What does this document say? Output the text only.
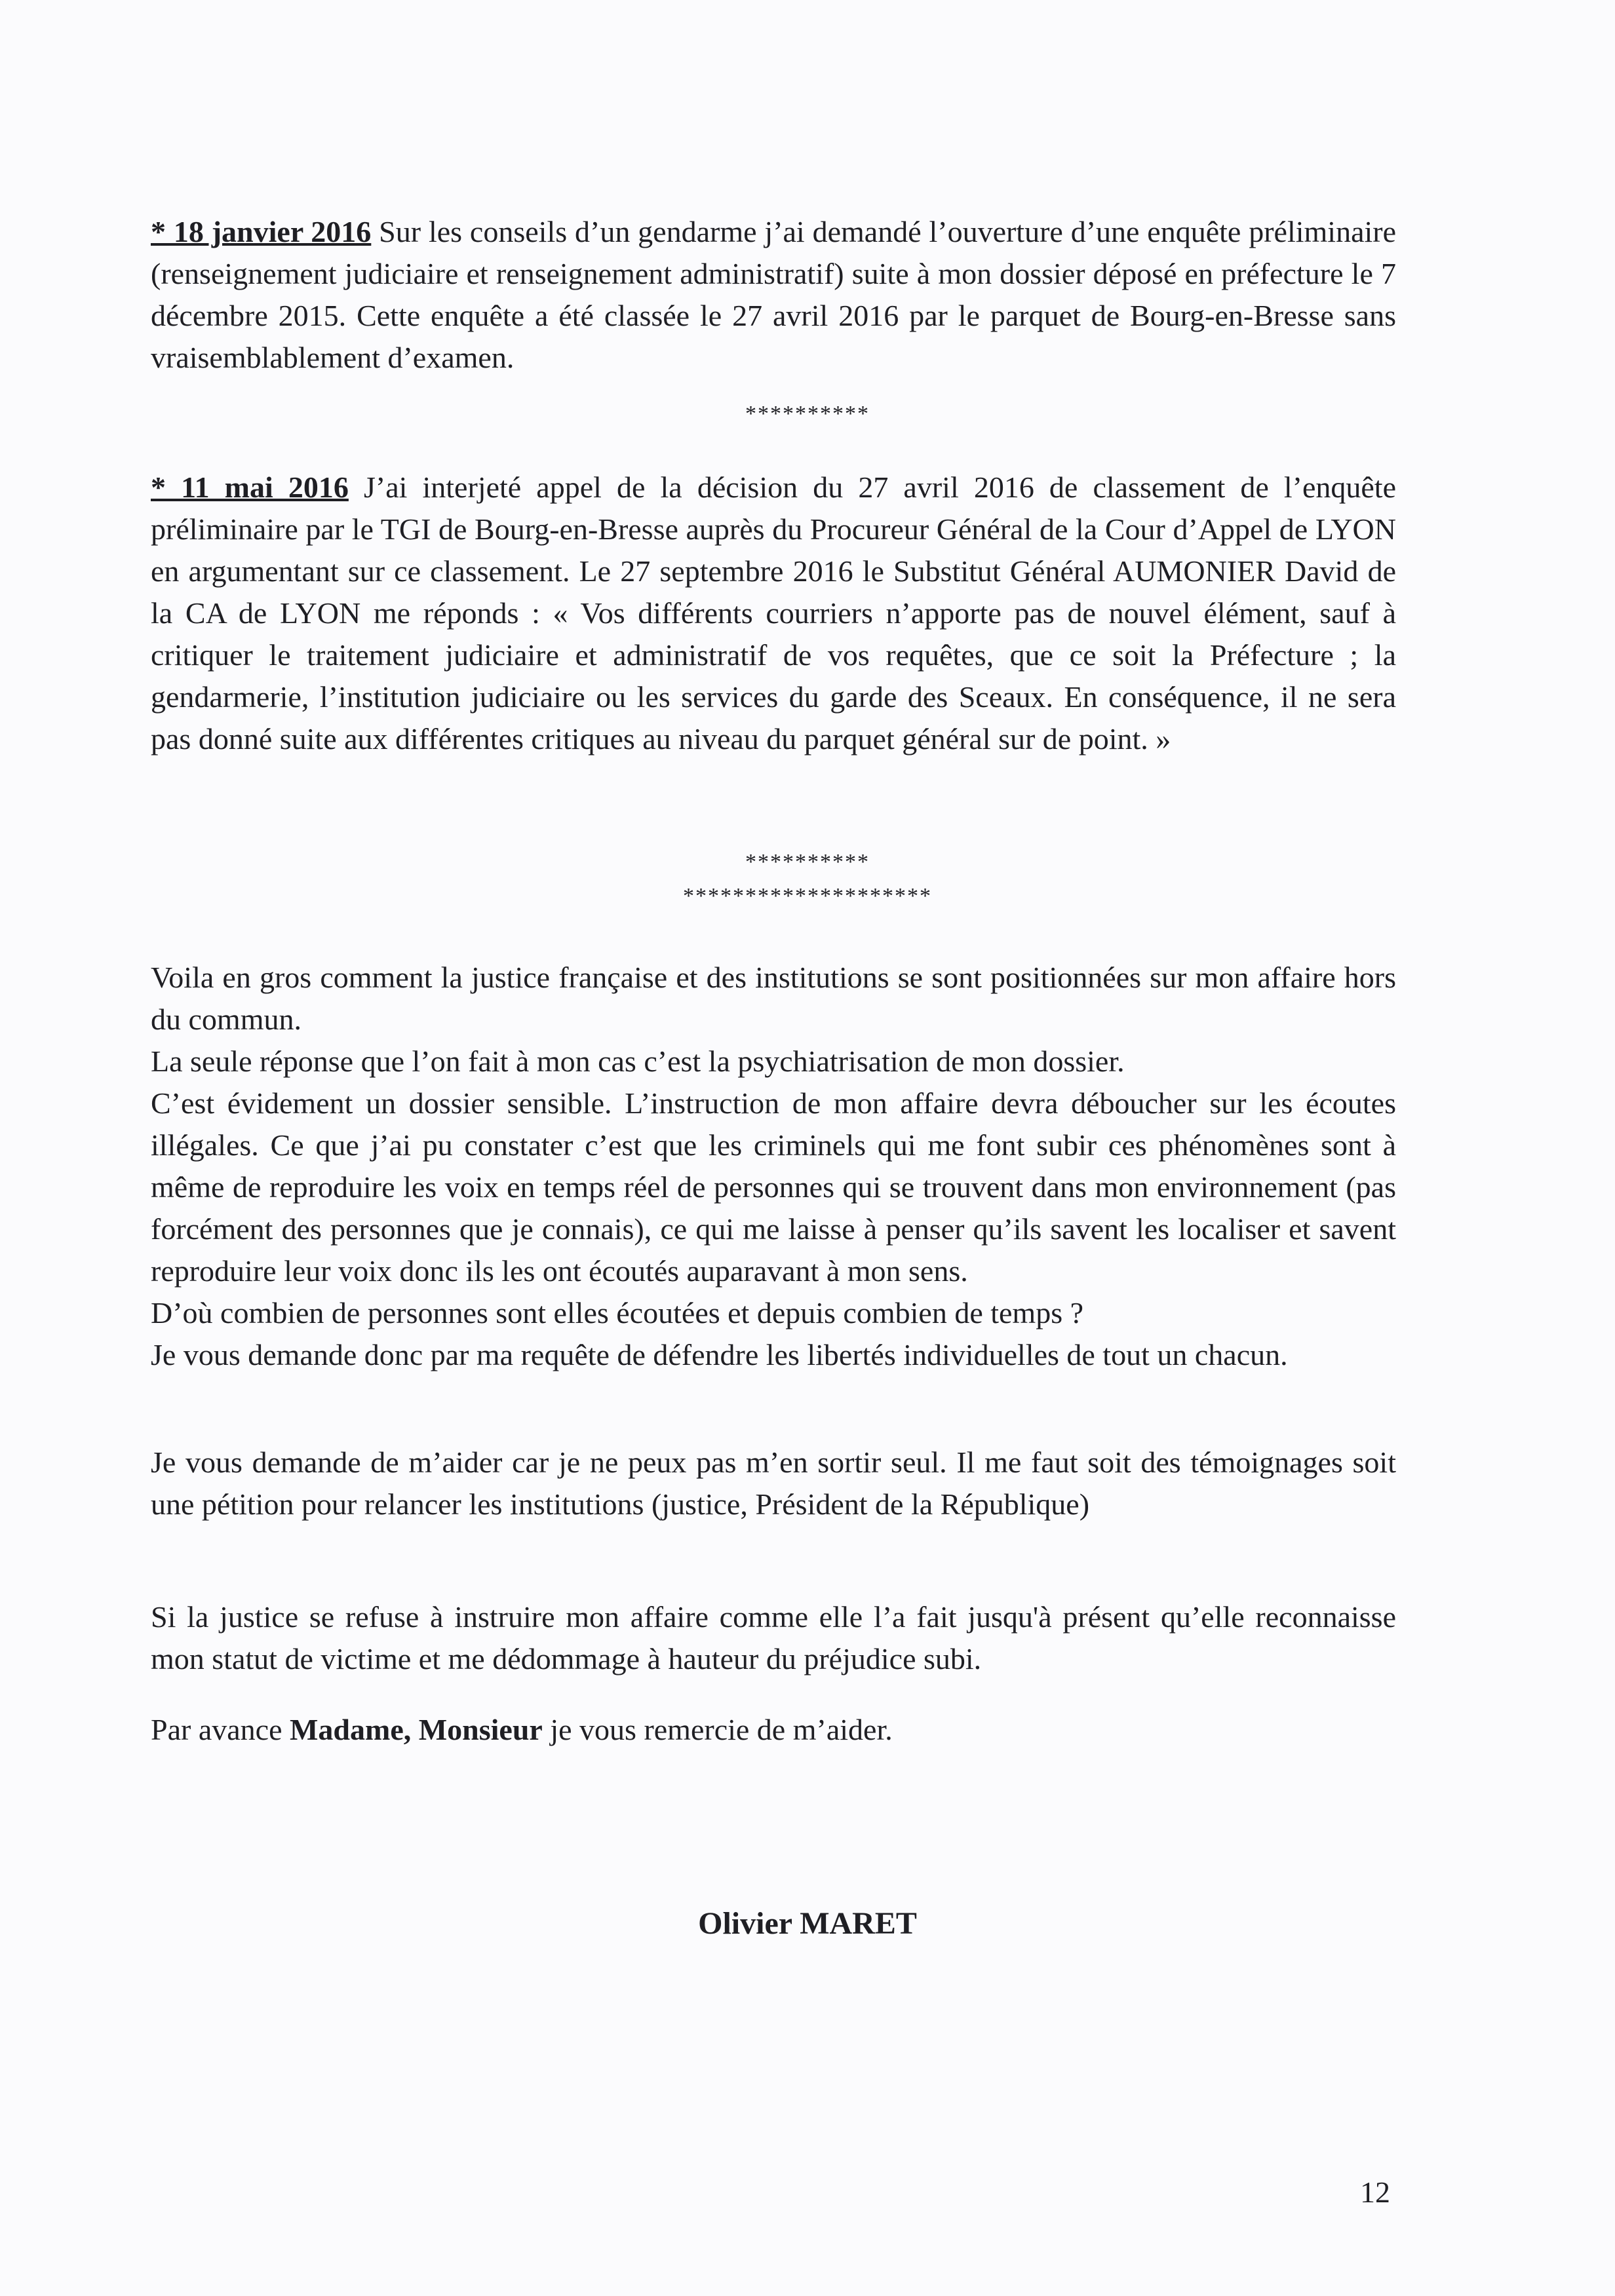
* 18 janvier 2016 Sur les conseils d’un gendarme j’ai demandé l’ouverture d’une enquête préliminaire (renseignement judiciaire et renseignement administratif) suite à mon dossier déposé en préfecture le 7 décembre 2015. Cette enquête a été classée le 27 avril 2016 par le parquet de Bourg-en-Bresse sans vraisemblablement d’examen.

**********

* 11 mai 2016 J’ai interjeté appel de la décision du 27 avril 2016 de classement de l’enquête préliminaire par le TGI de Bourg-en-Bresse auprès du Procureur Général de la Cour d’Appel de LYON en argumentant sur ce classement. Le 27 septembre 2016 le Substitut Général AUMONIER David de la CA de LYON me réponds : « Vos différents courriers n’apporte pas de nouvel élément, sauf à critiquer le traitement judiciaire et administratif de vos requêtes, que ce soit la Préfecture ; la gendarmerie, l’institution judiciaire ou les services du garde des Sceaux. En conséquence, il ne sera pas donné suite aux différentes critiques au niveau du parquet général sur de point. »

**********
********************

Voila en gros comment la justice française et des institutions se sont positionnées sur mon affaire hors du commun.

La seule réponse que l’on fait à mon cas c’est la psychiatrisation de mon dossier.

C’est évidement un dossier sensible. L’instruction de mon affaire devra déboucher sur les écoutes illégales. Ce que j’ai pu constater c’est que les criminels qui me font subir ces phénomènes sont à même de reproduire les voix en temps réel de personnes qui se trouvent dans mon environnement (pas forcément des personnes que je connais), ce qui me laisse à penser qu’ils savent les localiser et savent reproduire leur voix donc ils les ont écoutés auparavant à mon sens.

D’où combien de personnes sont elles écoutées et depuis combien de temps ?

Je vous demande donc par ma requête de défendre les libertés individuelles de tout un chacun.

Je vous demande de m’aider car je ne peux pas m’en sortir seul. Il me faut soit des témoignages soit une pétition pour relancer les institutions (justice, Président de la République)

Si la justice se refuse à instruire mon affaire comme elle l’a fait jusqu'à présent qu’elle reconnaisse mon statut de victime et me dédommage à hauteur du préjudice subi.

Par avance Madame, Monsieur je vous remercie de m’aider.

Olivier MARET
12
